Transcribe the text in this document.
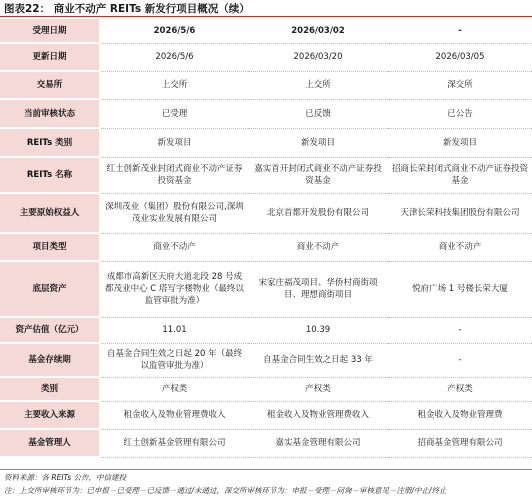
图表22： 商业不动产 REITs 新发行项目概况（续）
受理日期	2026/5/6	2026/03/02	-
更新日期	2026/5/6	2026/03/20	2026/03/05
交易所	上交所	上交所	深交所
当前审核状态	已受理	已反馈	已公告
REITs 类别	新发项目	新发项目	新发项目
REITs 名称	红土创新茂业封闭式商业不动产证券投资基金	嘉实首开封闭式商业不动产证券投资基金	招商长荣封闭式商业不动产证券投资基金
主要原始权益人	深圳茂业（集团）股份有限公司,深圳茂业实业发展有限公司	北京首都开发股份有限公司	天津长荣科技集团股份有限公司
项目类型	商业不动产	商业不动产	商业不动产
底层资产	成都市高新区天府大道北段 28 号成都茂业中心 C 塔写字楼物业（最终以监管审批为准）	宋家庄福茂项目、华侨村商街项目、理想商街项目	悦府广场 1 号楼长荣大厦
资产估值（亿元）	11.01	10.39	-
基金存续期	自基金合同生效之日起 20 年（最终以监管审批为准）	自基金合同生效之日起 33 年	-
类别	产权类	产权类	产权类
主要收入来源	租金收入及物业管理费收入	租金收入及物业管理费收入	租金收入及物业管理费
基金管理人	红土创新基金管理有限公司	嘉实基金管理有限公司	招商基金管理有限公司
资料来源：各 REITs 公告，中信建投
注：上交所审核环节为：已申报－已受理－已反馈－通过/未通过，深交所审核环节为：申报－受理－问询－审核意见－注册/中止/终止
